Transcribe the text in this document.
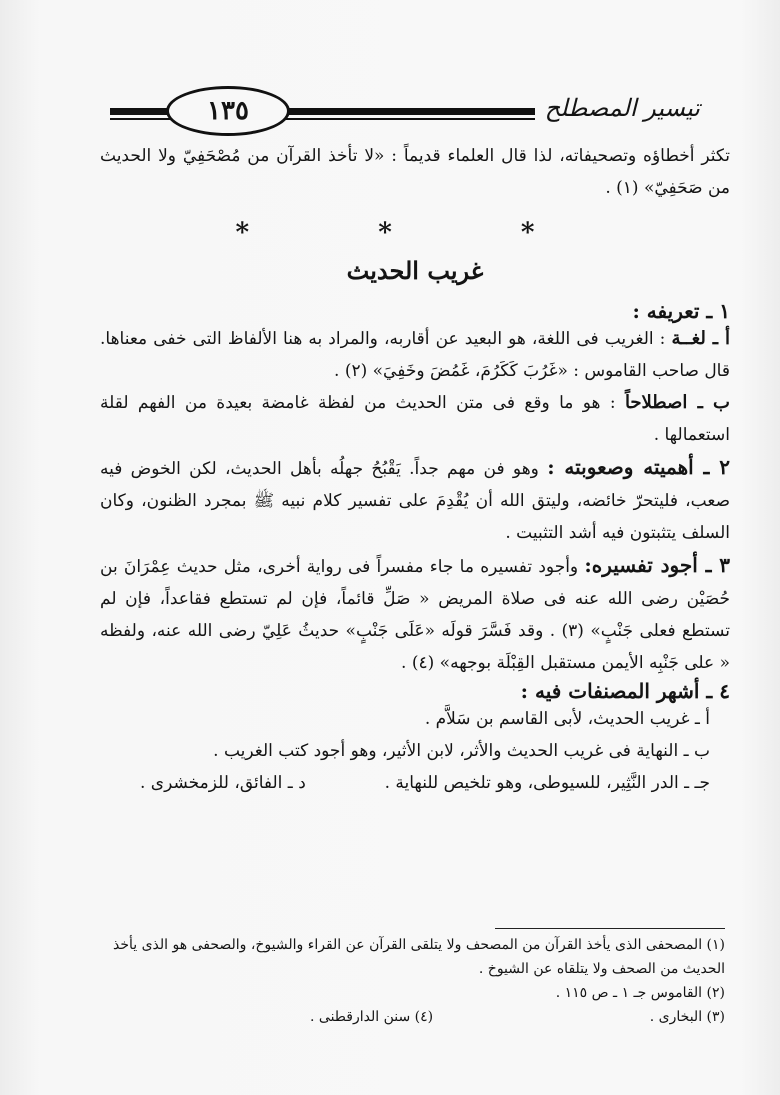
١٣٥	تيسير المصطلح

تكثر أخطاؤه وتصحيفاته، لذا قال العلماء قديماً : «لا تأخذ القرآن من مُصْحَفِيّ ولا الحديث من صَحَفِيّ» (١) .

* * *
غريب الحديث
١ ـ تعريفه :

أ ـ لغــة : الغريب فى اللغة، هو البعيد عن أقاربه، والمراد به هنا الألفاظ التى خفى معناها. قال صاحب القاموس : «غَرُبَ كَكَرُمَ، غَمُضَ وخَفِيَ» (٢) .

ب ـ اصطلاحاً : هو ما وقع فى متن الحديث من لفظة غامضة بعيدة من الفهم لقلة استعمالها .

٢ ـ أهميته وصعوبته : وهو فن مهم جداً. يَقْبُحُ جهلُه بأهل الحديث، لكن الخوض فيه صعب، فليتحرّ خائضه، وليتق الله أن يُقْدِمَ على تفسير كلام نبيه ﷺ بمجرد الظنون، وكان السلف يتثبتون فيه أشد التثبيت .

٣ ـ أجود تفسيره: وأجود تفسيره ما جاء مفسراً فى رواية أخرى، مثل حديث عِمْرَانَ بن حُصَيْن رضى الله عنه فى صلاة المريض « صَلِّ قائماً، فإن لم تستطع فقاعداً، فإن لم تستطع فعلى جَنْبٍ» (٣) . وقد فَسَّرَ قولَه «عَلَى جَنْبٍ» حديثُ عَلِيّ رضى الله عنه، ولفظه « على جَنْبِه الأيمن مستقبل القِبْلَة بوجهه» (٤) .

٤ ـ أشهر المصنفات فيه :

أ ـ غريب الحديث، لأبى القاسم بن سَلاَّم .

ب ـ النهاية فى غريب الحديث والأثر، لابن الأثير، وهو أجود كتب الغريب .

جـ ـ الدر النَّثِير، للسيوطى، وهو تلخيص للنهاية .

د ـ الفائق، للزمخشرى .

(١) المصحفى الذى يأخذ القرآن من المصحف ولا يتلقى القرآن عن القراء والشيوخ، والصحفى هو الذى يأخذ الحديث من الصحف ولا يتلقاه عن الشيوخ .

(٢) القاموس جـ ١ ـ ص ١١٥ .

(٣) البخارى .

(٤) سنن الدارقطنى .
